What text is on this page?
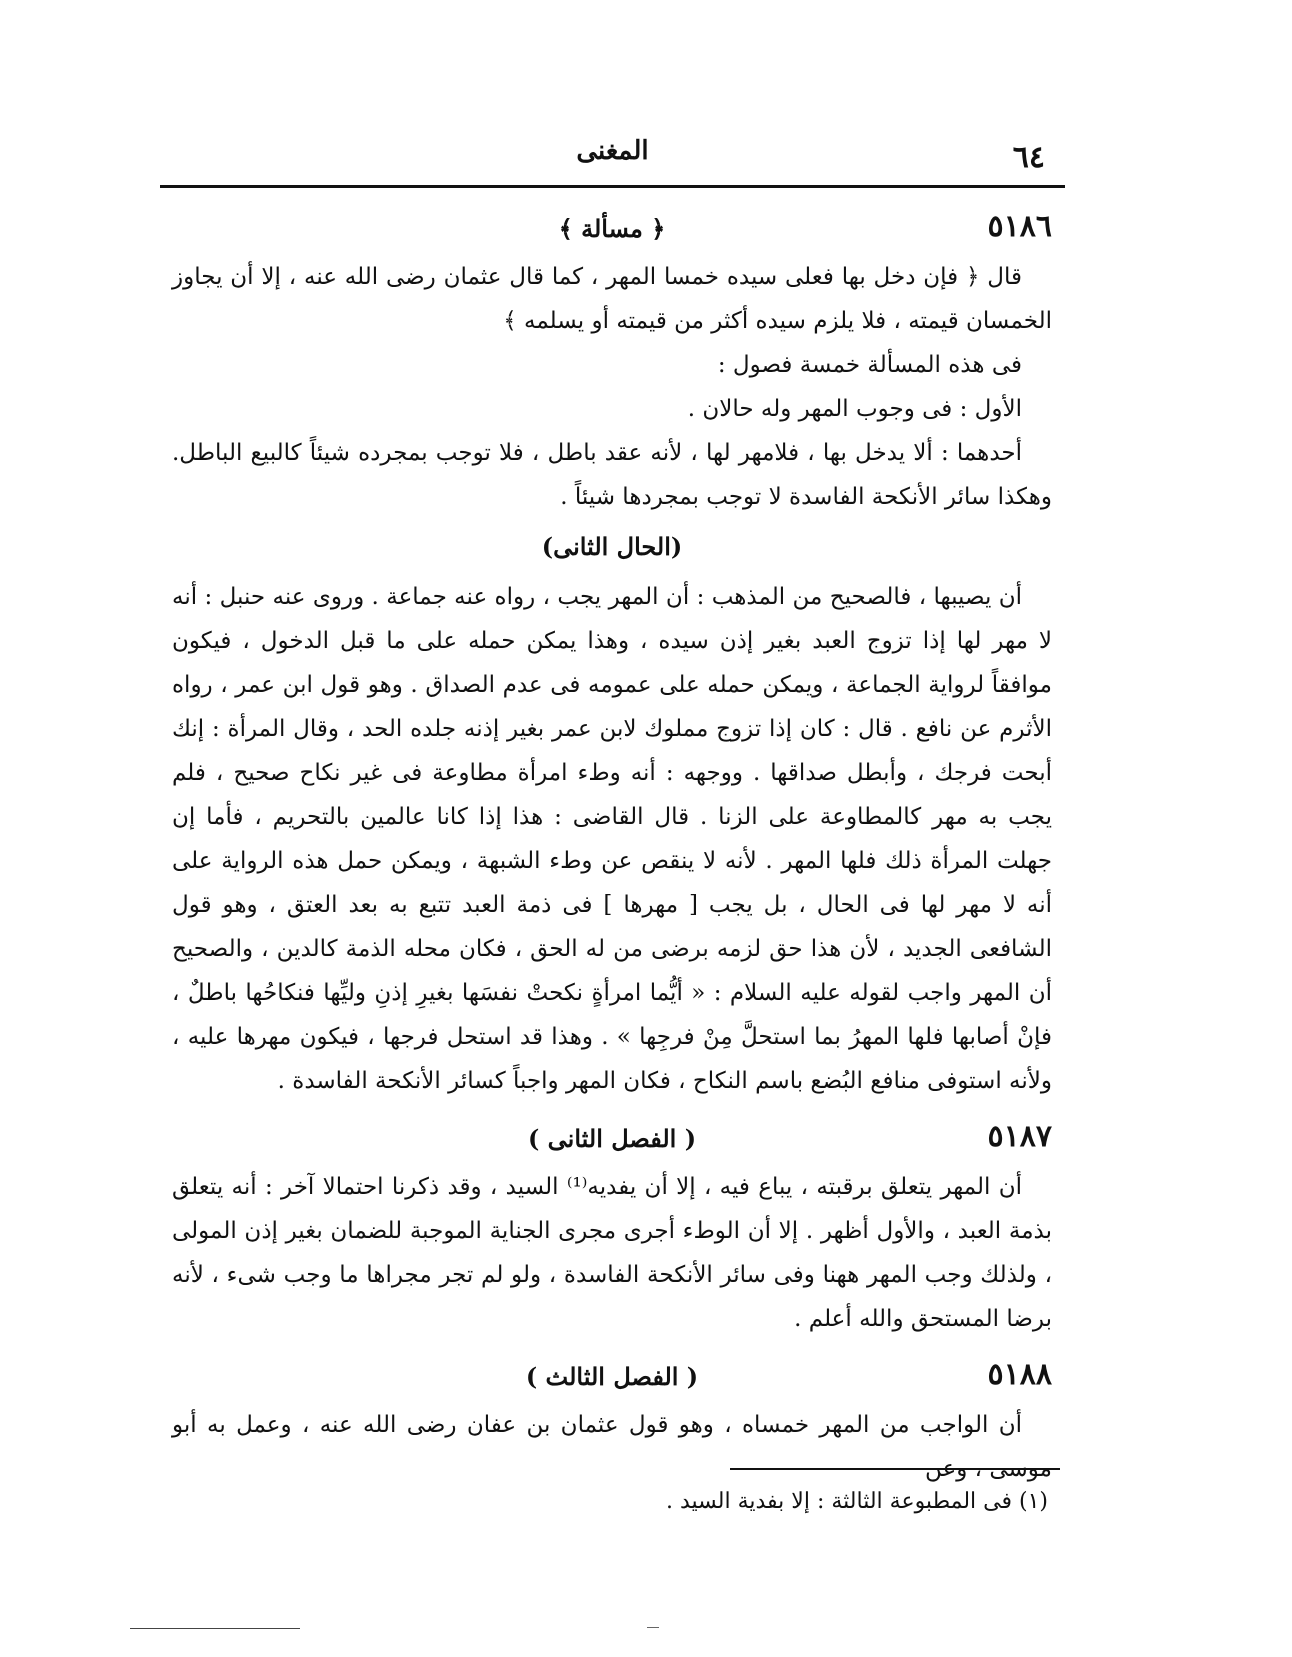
٦٤
المغنى
٥١٨٦
﴿ مسألة ﴾

قال ﴿ فإن دخل بها فعلى سيده خمسا المهر ، كما قال عثمان رضى الله عنه ، إلا أن يجاوز الخمسان قيمته ، فلا يلزم سيده أكثر من قيمته أو يسلمه ﴾

فى هذه المسألة خمسة فصول :

الأول : فى وجوب المهر وله حالان .

أحدهما : ألا يدخل بها ، فلامهر لها ، لأنه عقد باطل ، فلا توجب بمجرده شيئاً كالبيع الباطل. وهكذا سائر الأنكحة الفاسدة لا توجب بمجردها شيئاً .

(الحال الثانى)

أن يصيبها ، فالصحيح من المذهب : أن المهر يجب ، رواه عنه جماعة . وروى عنه حنبل : أنه لا مهر لها إذا تزوج العبد بغير إذن سيده ، وهذا يمكن حمله على ما قبل الدخول ، فيكون موافقاً لرواية الجماعة ، ويمكن حمله على عمومه فى عدم الصداق . وهو قول ابن عمر ، رواه الأثرم عن نافع . قال : كان إذا تزوج مملوك لابن عمر بغير إذنه جلده الحد ، وقال المرأة : إنك أبحت فرجك ، وأبطل صداقها . ووجهه : أنه وطء امرأة مطاوعة فى غير نكاح صحيح ، فلم يجب به مهر كالمطاوعة على الزنا . قال القاضى : هذا إذا كانا عالمين بالتحريم ، فأما إن جهلت المرأة ذلك فلها المهر . لأنه لا ينقص عن وطء الشبهة ، ويمكن حمل هذه الرواية على أنه لا مهر لها فى الحال ، بل يجب [ مهرها ] فى ذمة العبد تتبع به بعد العتق ، وهو قول الشافعى الجديد ، لأن هذا حق لزمه برضى من له الحق ، فكان محله الذمة كالدين ، والصحيح أن المهر واجب لقوله عليه السلام : « أيُّما امرأةٍ نكحتْ نفسَها بغيرِ إذنِ وليِّها فنكاحُها باطلٌ ، فإنْ أصابها فلها المهرُ بما استحلَّ مِنْ فرجِها » . وهذا قد استحل فرجها ، فيكون مهرها عليه ، ولأنه استوفى منافع البُضع باسم النكاح ، فكان المهر واجباً كسائر الأنكحة الفاسدة .

٥١٨٧
( الفصل الثانى )

أن المهر يتعلق برقبته ، يباع فيه ، إلا أن يفديه⁽¹⁾ السيد ، وقد ذكرنا احتمالا آخر : أنه يتعلق بذمة العبد ، والأول أظهر . إلا أن الوطء أجرى مجرى الجناية الموجبة للضمان بغير إذن المولى ، ولذلك وجب المهر ههنا وفى سائر الأنكحة الفاسدة ، ولو لم تجر مجراها ما وجب شىء ، لأنه برضا المستحق والله أعلم .

٥١٨٨
( الفصل الثالث )

أن الواجب من المهر خمساه ، وهو قول عثمان بن عفان رضى الله عنه ، وعمل به أبو موسى ، وعن

(١) فى المطبوعة الثالثة : إلا بفدية السيد .
